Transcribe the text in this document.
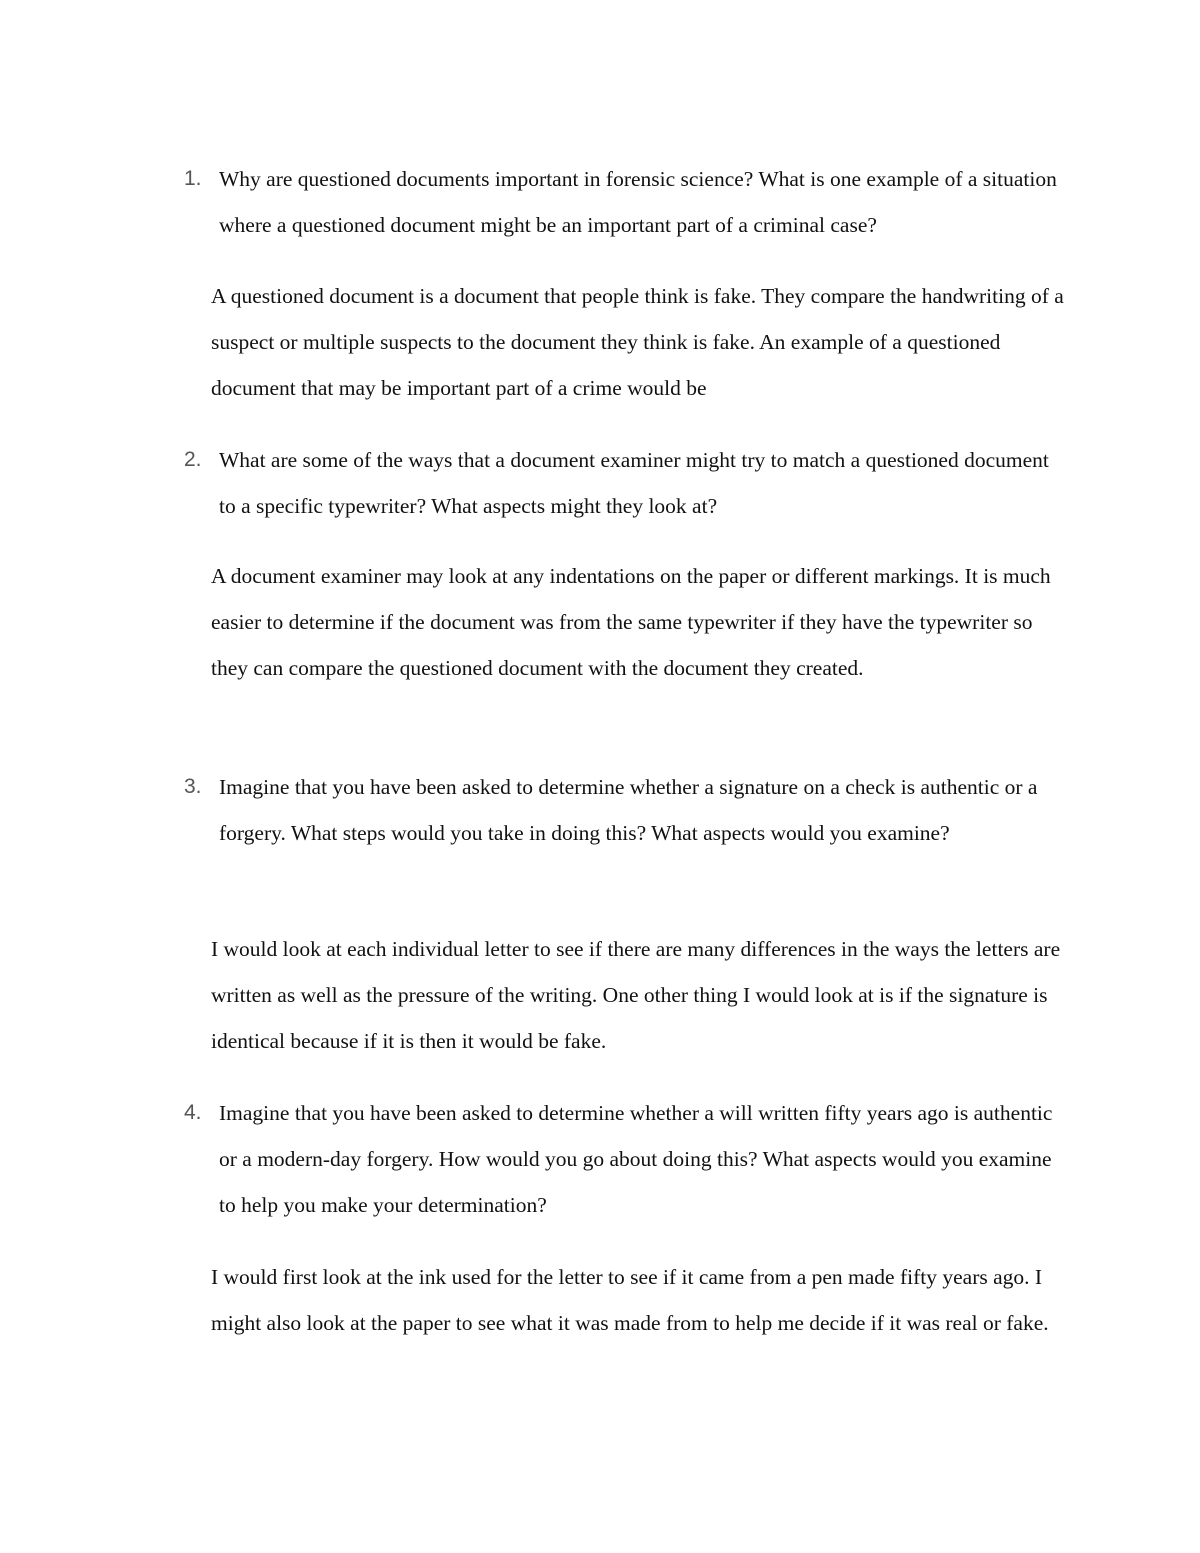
1. Why are questioned documents important in forensic science? What is one example of a situation where a questioned document might be an important part of a criminal case?

A questioned document is a document that people think is fake. They compare the handwriting of a suspect or multiple suspects to the document they think is fake. An example of a questioned document that may be important part of a crime would be

2. What are some of the ways that a document examiner might try to match a questioned document to a specific typewriter? What aspects might they look at?

A document examiner may look at any indentations on the paper or different markings. It is much easier to determine if the document was from the same typewriter if they have the typewriter so they can compare the questioned document with the document they created.

3. Imagine that you have been asked to determine whether a signature on a check is authentic or a forgery. What steps would you take in doing this? What aspects would you examine?

I would look at each individual letter to see if there are many differences in the ways the letters are written as well as the pressure of the writing. One other thing I would look at is if the signature is identical because if it is then it would be fake.

4. Imagine that you have been asked to determine whether a will written fifty years ago is authentic or a modern-day forgery. How would you go about doing this? What aspects would you examine to help you make your determination?

I would first look at the ink used for the letter to see if it came from a pen made fifty years ago. I might also look at the paper to see what it was made from to help me decide if it was real or fake.
